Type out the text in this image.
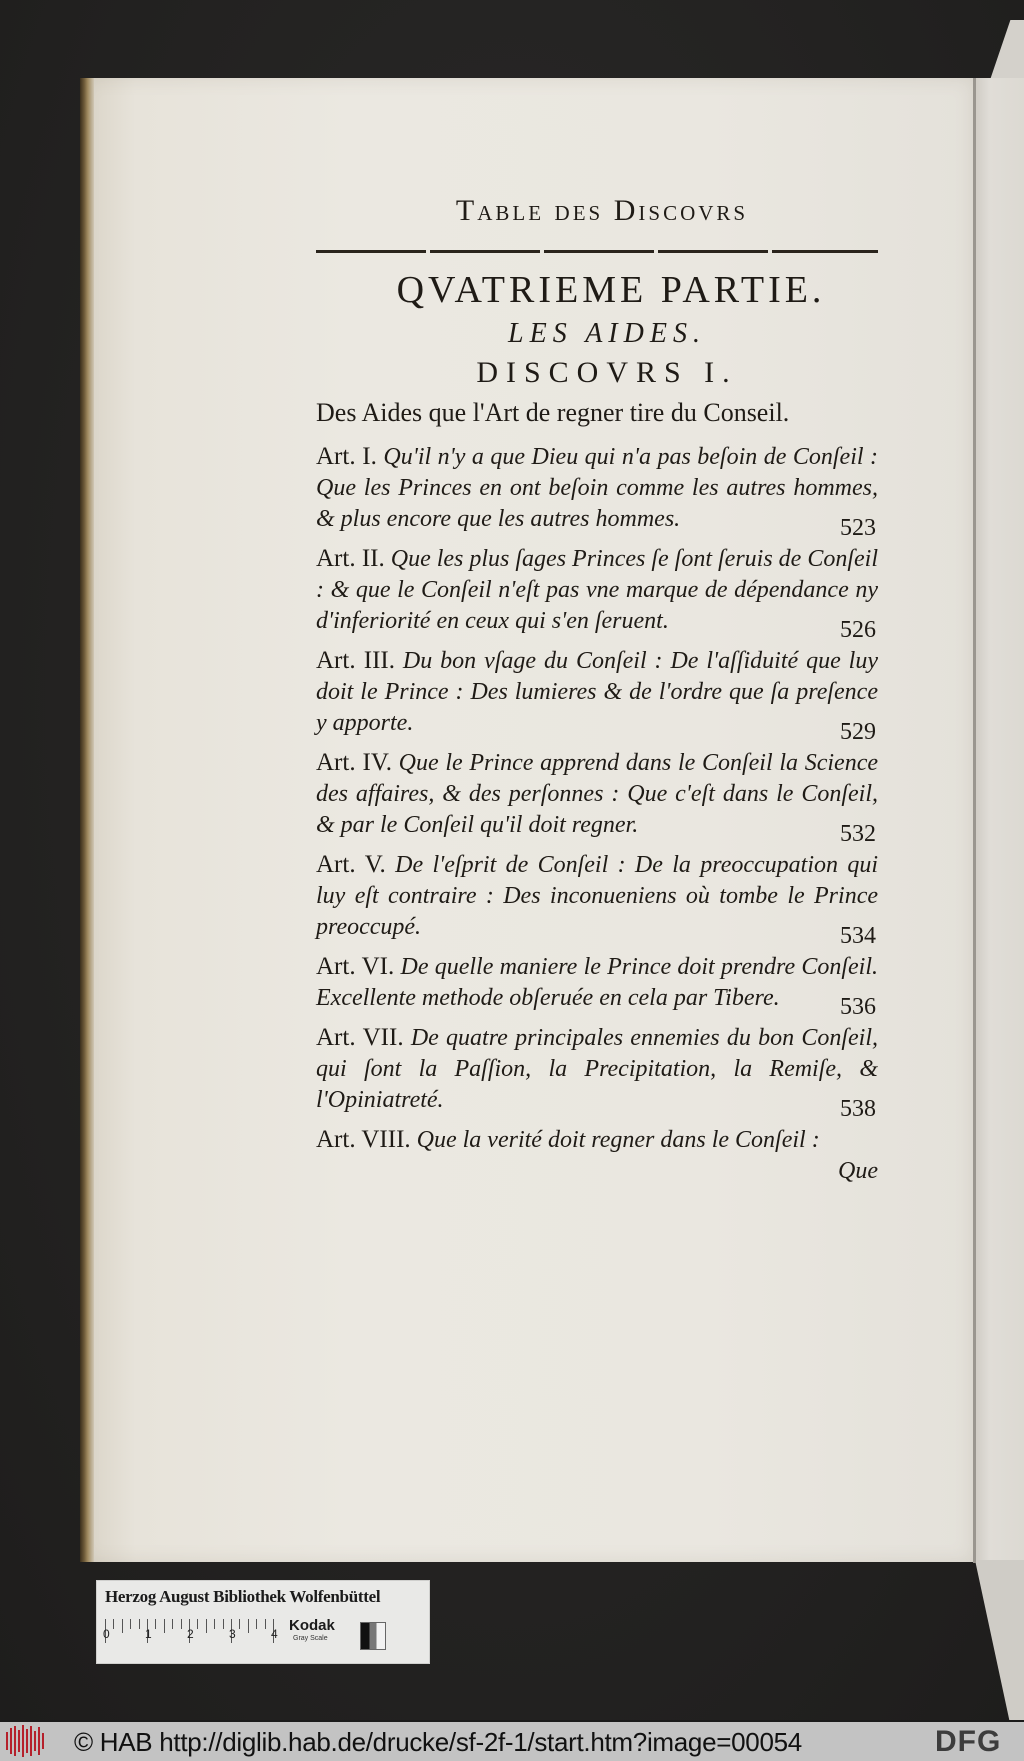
Table des Discovrs
QVATRIEME PARTIE.
LES AIDES.
DISCOVRS I.
Des Aides que l'Art de regner tire du Conseil.
Art. I. Qu'il n'y a que Dieu qui n'a pas beſoin de Conſeil : Que les Princes en ont beſoin comme les autres hommes, & plus encore que les autres hommes.	523
Art. II. Que les plus ſages Princes ſe ſont ſeruis de Conſeil : & que le Conſeil n'eſt pas vne marque de dépendance ny d'inferiorité en ceux qui s'en ſeruent.	526
Art. III. Du bon vſage du Conſeil : De l'aſſiduité que luy doit le Prince : Des lumieres & de l'ordre que ſa preſence y apporte.	529
Art. IV. Que le Prince apprend dans le Conſeil la Science des affaires, & des perſonnes : Que c'eſt dans le Conſeil, & par le Conſeil qu'il doit regner.	532
Art. V. De l'eſprit de Conſeil : De la preoccupation qui luy eſt contraire : Des inconueniens où tombe le Prince preoccupé.	534
Art. VI. De quelle maniere le Prince doit prendre Conſeil. Excellente methode obſeruée en cela par Tibere.	536
Art. VII. De quatre principales ennemies du bon Conſeil, qui ſont la Paſſion, la Precipitation, la Remiſe, & l'Opiniatreté.	538
Art. VIII. Que la verité doit regner dans le Conſeil :
Que
Herzog August Bibliothek Wolfenbüttel
0	1	2	3	4 Kodak
Gray Scale
© HAB http://diglib.hab.de/drucke/sf-2f-1/start.htm?image=00054	DFG
